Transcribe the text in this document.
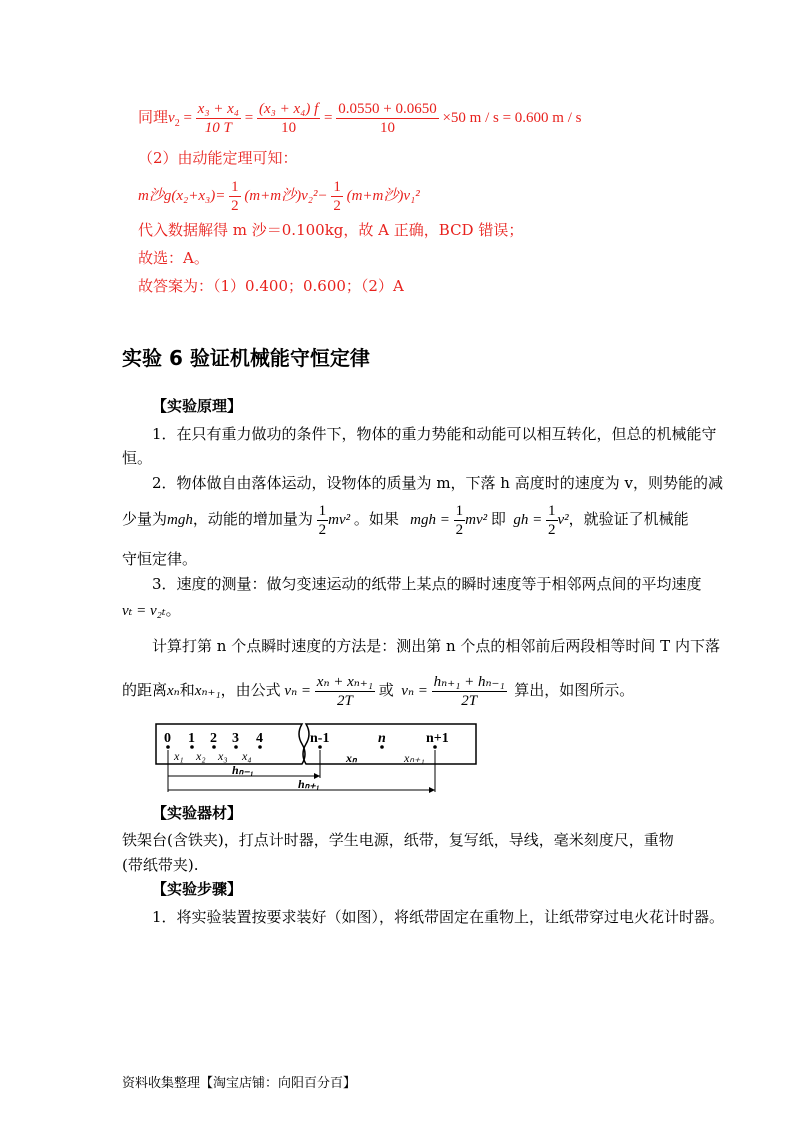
同理$v_2 = \frac{\text{x₃ + x₄}}{10 T} = \frac{\text{(x₃ + x₄) f}}{10} = \frac{0.0550 + 0.0650}{10} \times 50$ m / s = 0.600 m / s
（2）由动能定理可知：
m沙$g(x_2+x_3)= \frac{1}{2} (m+m$沙)$v_2^2- \frac{1}{2} (m+m$沙)v₁²
代入数据解得 m 沙＝0.100kg，故 A 正确，BCD 错误；
故选：A。
故答案为：（1）0.400；0.600；（2）A
实验 6 验证机械能守恒定律
【实验原理】
1．在只有重力做功的条件下，物体的重力势能和动能可以相互转化，但总的机械能守
恒。
2．物体做自由落体运动，设物体的质量为 m，下落 h 高度时的速度为 v，则势能的减
少量为mgh，动能的增加量为 $\frac{1}{2} mv^2$ 。如果 mgh = $\frac{1}{2} mv^2$ 即 gh = $\frac{1}{2} v^2$，就验证了机械能
守恒定律。
3．速度的测量：做匀变速运动的纸带上某点的瞬时速度等于相邻两点间的平均速度
vₜ = v₂ₜ。
计算打第 n 个点瞬时速度的方法是：测出第 n 个点的相邻前后两段相等时间 T 内下落
的距离xₙ和xₙ₊₁，由公式 $v_n = \frac{\text{xₙ + xₙ₊₁}}{2T}$ 或 $v_n = \frac{\text{hₙ₊₁ + hₙ₋₁}}{2T}$ 算出，如图所示。
0 1 2 3 4	n-1	n	n+1
x₁ x₂ x₃ x₄	xₙ	xₙ₊₁
hₙ₋₁
hₙ₊₁
【实验器材】
铁架台(含铁夹)，打点计时器，学生电源，纸带，复写纸，导线，毫米刻度尺，重物
(带纸带夹).
【实验步骤】
1．将实验装置按要求装好（如图），将纸带固定在重物上，让纸带穿过电火花计时器。
资料收集整理【淘宝店铺：向阳百分百】
